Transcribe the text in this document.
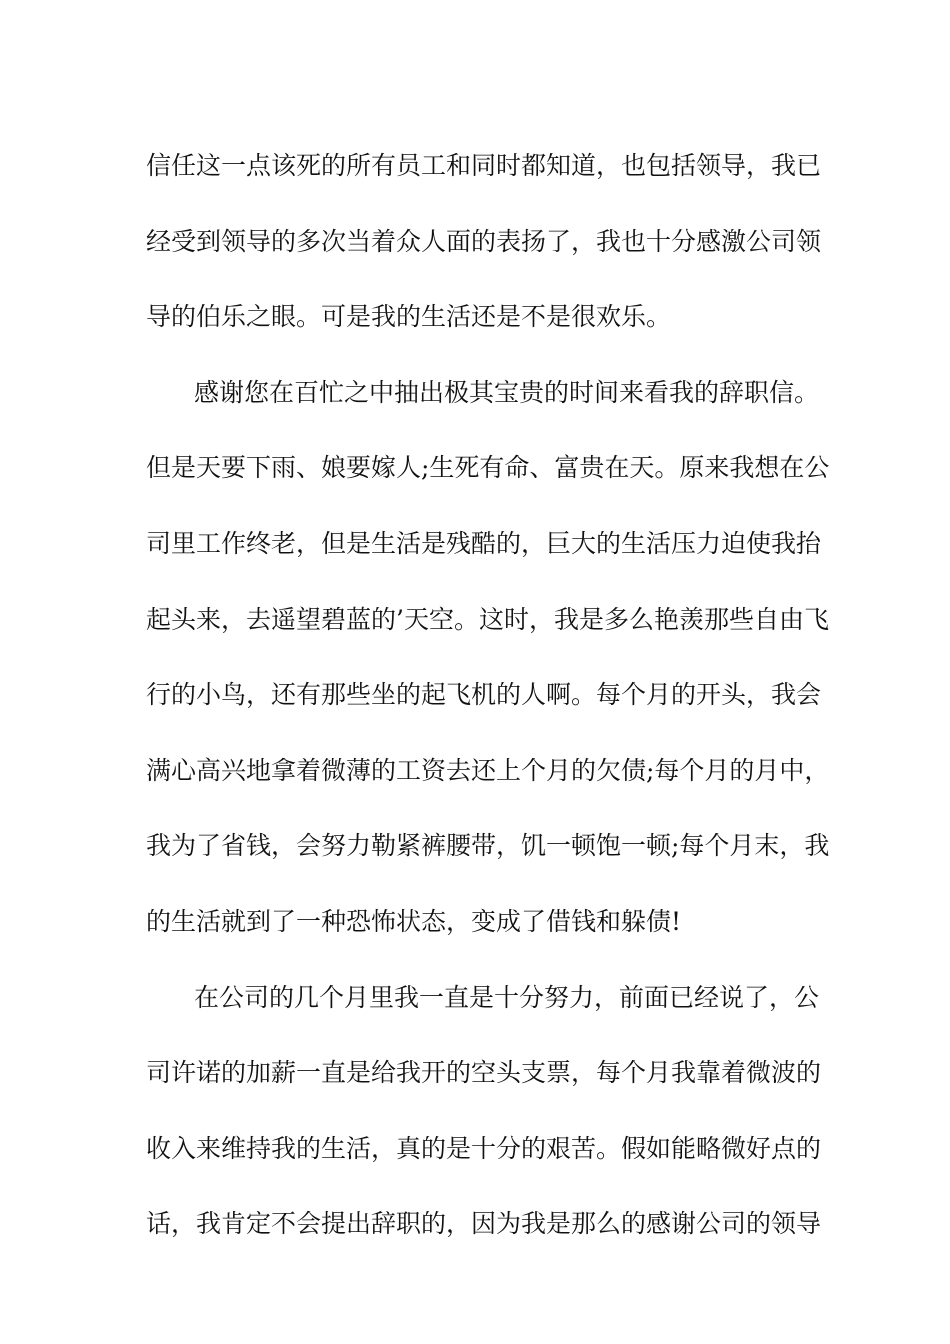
信任这一点该死的所有员工和同时都知道，也包括领导，我已
经受到领导的多次当着众人面的表扬了，我也十分感激公司领
导的伯乐之眼。可是我的生活还是不是很欢乐。
感谢您在百忙之中抽出极其宝贵的时间来看我的辞职信。
但是天要下雨、娘要嫁人;生死有命、富贵在天。原来我想在公
司里工作终老，但是生活是残酷的，巨大的生活压力迫使我抬
起头来，去遥望碧蓝的’天空。这时，我是多么艳羡那些自由飞
行的小鸟，还有那些坐的起飞机的人啊。每个月的开头，我会
满心高兴地拿着微薄的工资去还上个月的欠债;每个月的月中，
我为了省钱，会努力勒紧裤腰带，饥一顿饱一顿;每个月末，我
的生活就到了一种恐怖状态，变成了借钱和躲债!
在公司的几个月里我一直是十分努力，前面已经说了，公
司许诺的加薪一直是给我开的空头支票，每个月我靠着微波的
收入来维持我的生活，真的是十分的艰苦。假如能略微好点的
话，我肯定不会提出辞职的，因为我是那么的感谢公司的领导
